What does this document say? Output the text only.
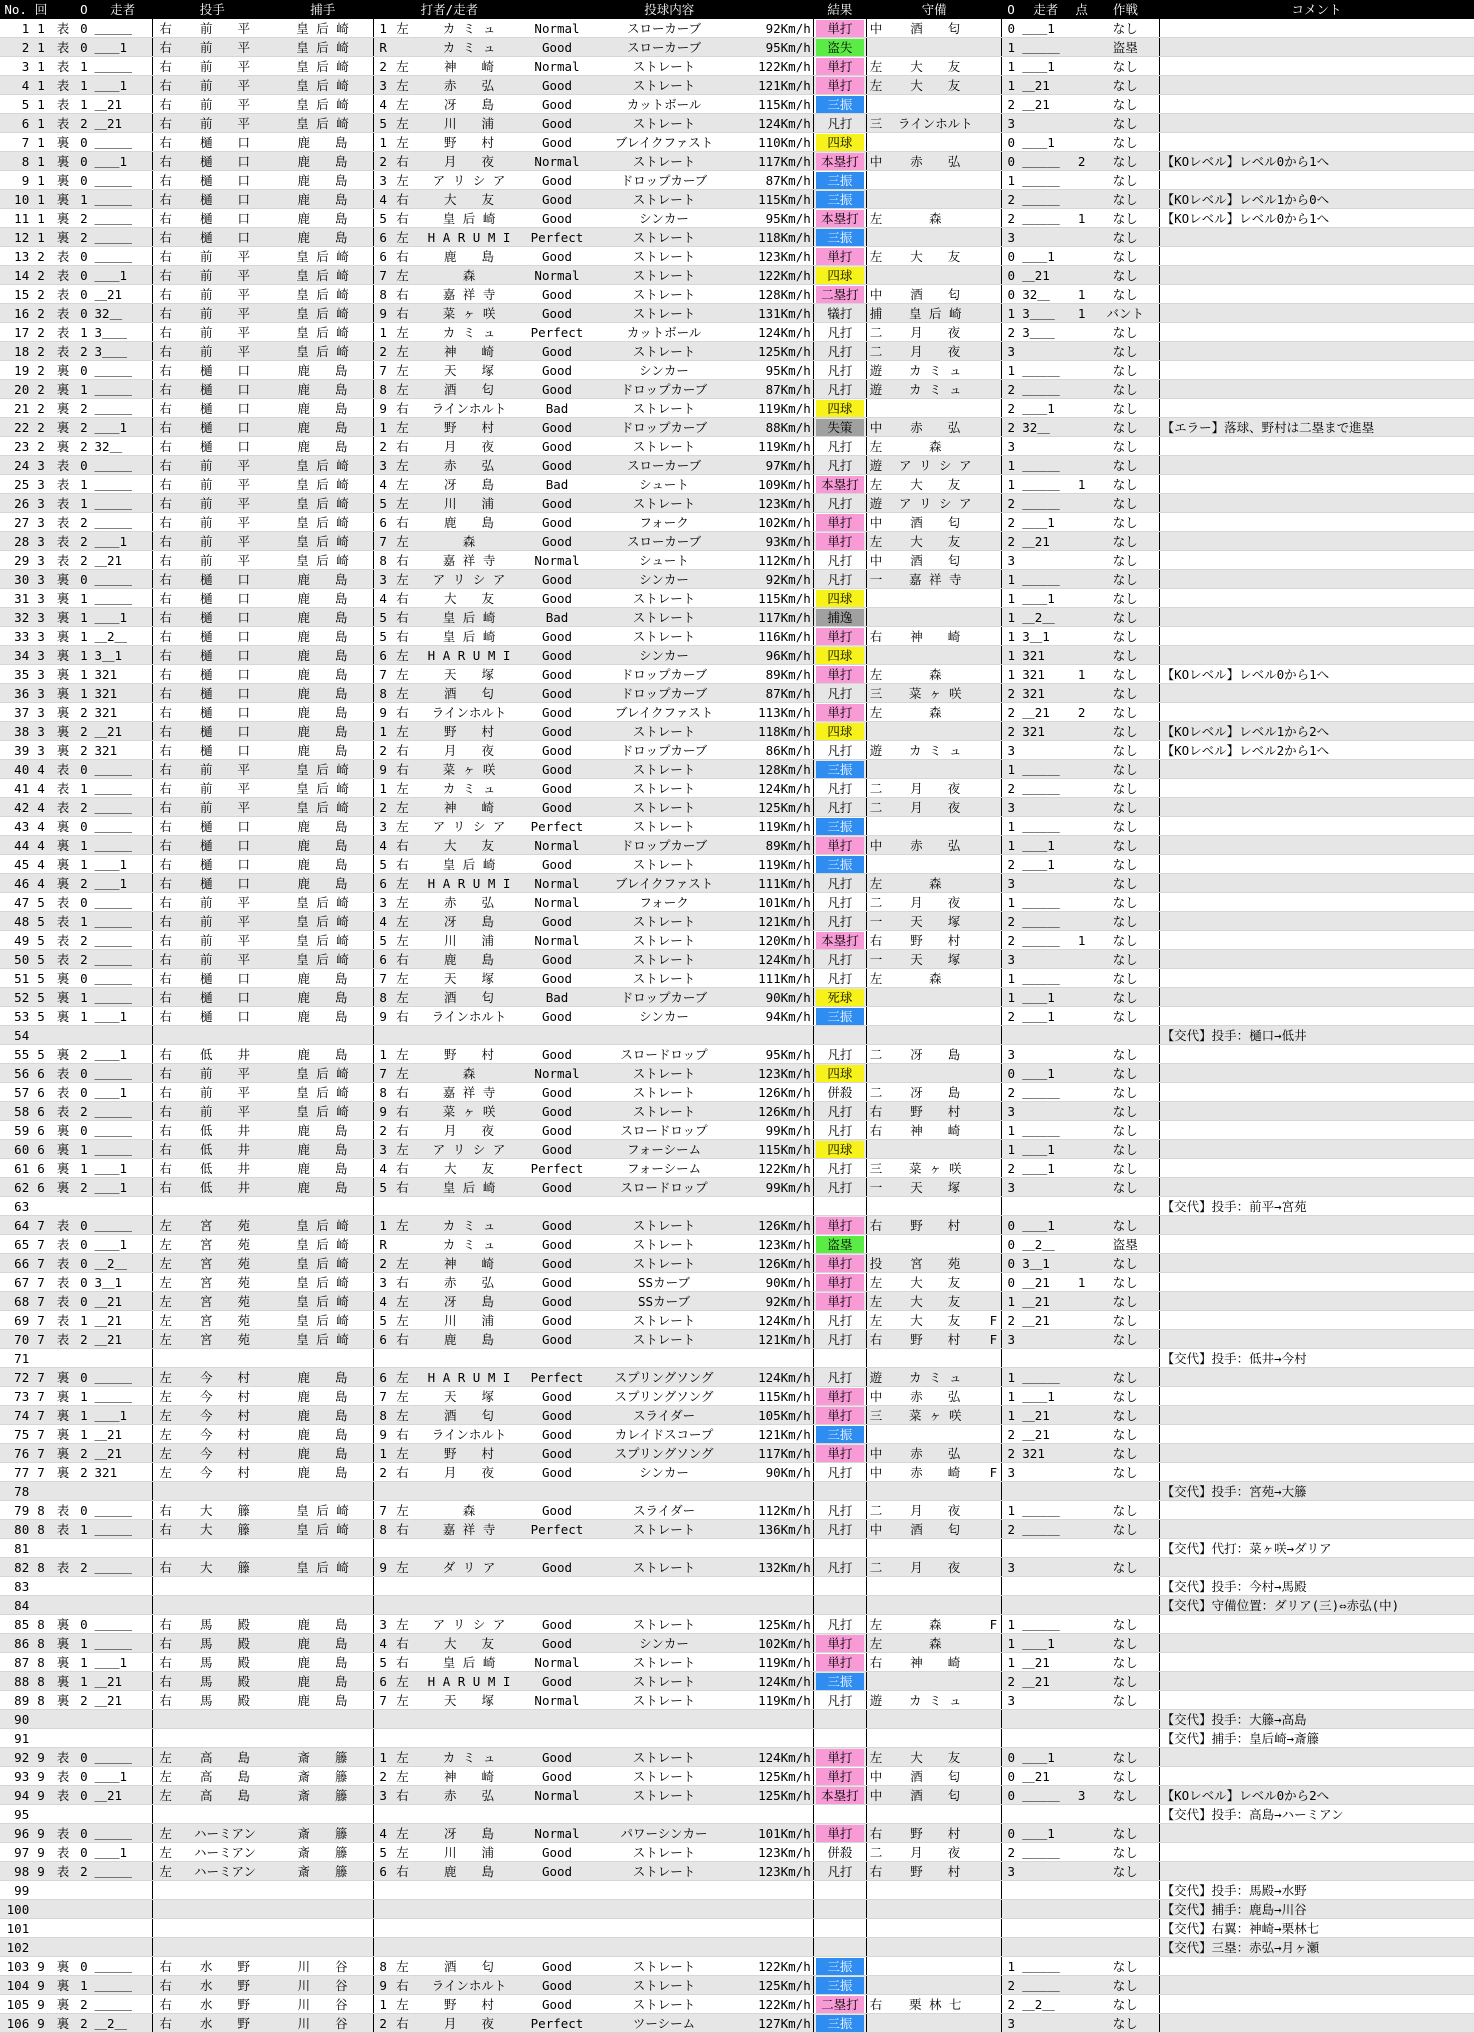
No.	回		O	走者	投手		捕手	打者/走者			投球内容			結果	守備			O	走者	点	作戦	コメント
1	1	表	0	＿＿＿	右	前　　平	皇 后 崎	1	左	カ ミ ュ	Normal	スローカーブ	92Km/h	単打	中	酒　　匂		0	＿＿1		なし	
2	1	表	0	＿＿1	右	前　　平	皇 后 崎	R		カ ミ ュ	Good	スローカーブ	95Km/h	盗失				1	＿＿＿		盗塁	
3	1	表	1	＿＿＿	右	前　　平	皇 后 崎	2	左	神　　崎	Normal	ストレート	122Km/h	単打	左	大　　友		1	＿＿1		なし	
4	1	表	1	＿＿1	右	前　　平	皇 后 崎	3	左	赤　　弘	Good	ストレート	121Km/h	単打	左	大　　友		1	＿21		なし	
5	1	表	1	＿21	右	前　　平	皇 后 崎	4	左	冴　　島	Good	カットボール	115Km/h	三振				2	＿21		なし	
6	1	表	2	＿21	右	前　　平	皇 后 崎	5	左	川　　浦	Good	ストレート	124Km/h	凡打	三	ラインホルト		3			なし	
7	1	裏	0	＿＿＿	右	樋　　口	鹿　　島	1	左	野　　村	Good	ブレイクファスト	110Km/h	四球				0	＿＿1		なし	
8	1	裏	0	＿＿1	右	樋　　口	鹿　　島	2	右	月　　夜	Normal	ストレート	117Km/h	本塁打	中	赤　　弘		0	＿＿＿	2	なし	【KOレベル】レベル0から1へ
9	1	裏	0	＿＿＿	右	樋　　口	鹿　　島	3	左	ア リ シ ア	Good	ドロップカーブ	87Km/h	三振				1	＿＿＿		なし	
10	1	裏	1	＿＿＿	右	樋　　口	鹿　　島	4	右	大　　友	Good	ストレート	115Km/h	三振				2	＿＿＿		なし	【KOレベル】レベル1から0へ
11	1	裏	2	＿＿＿	右	樋　　口	鹿　　島	5	右	皇 后 崎	Good	シンカー	95Km/h	本塁打	左	森		2	＿＿＿	1	なし	【KOレベル】レベル0から1へ
12	1	裏	2	＿＿＿	右	樋　　口	鹿　　島	6	左	H A R U M I	Perfect	ストレート	118Km/h	三振				3			なし	
13	2	表	0	＿＿＿	右	前　　平	皇 后 崎	6	右	鹿　　島	Good	ストレート	123Km/h	単打	左	大　　友		0	＿＿1		なし	
14	2	表	0	＿＿1	右	前　　平	皇 后 崎	7	左	森	Normal	ストレート	122Km/h	四球				0	＿21		なし	
15	2	表	0	＿21	右	前　　平	皇 后 崎	8	右	嘉 祥 寺	Good	ストレート	128Km/h	二塁打	中	酒　　匂		0	32＿	1	なし	
16	2	表	0	32＿	右	前　　平	皇 后 崎	9	右	菜 ヶ 咲	Good	ストレート	131Km/h	犠打	捕	皇 后 崎		1	3＿＿	1	バント	
17	2	表	1	3＿＿	右	前　　平	皇 后 崎	1	左	カ ミ ュ	Perfect	カットボール	124Km/h	凡打	二	月　　夜		2	3＿＿		なし	
18	2	表	2	3＿＿	右	前　　平	皇 后 崎	2	左	神　　崎	Good	ストレート	125Km/h	凡打	二	月　　夜		3			なし	
19	2	裏	0	＿＿＿	右	樋　　口	鹿　　島	7	左	天　　塚	Good	シンカー	95Km/h	凡打	遊	カ ミ ュ		1	＿＿＿		なし	
20	2	裏	1	＿＿＿	右	樋　　口	鹿　　島	8	左	酒　　匂	Good	ドロップカーブ	87Km/h	凡打	遊	カ ミ ュ		2	＿＿＿		なし	
21	2	裏	2	＿＿＿	右	樋　　口	鹿　　島	9	右	ラインホルト	Bad	ストレート	119Km/h	四球				2	＿＿1		なし	
22	2	裏	2	＿＿1	右	樋　　口	鹿　　島	1	左	野　　村	Good	ドロップカーブ	88Km/h	失策	中	赤　　弘		2	32＿		なし	【エラー】落球、野村は二塁まで進塁
23	2	裏	2	32＿	右	樋　　口	鹿　　島	2	右	月　　夜	Good	ストレート	119Km/h	凡打	左	森		3			なし	
24	3	表	0	＿＿＿	右	前　　平	皇 后 崎	3	左	赤　　弘	Good	スローカーブ	97Km/h	凡打	遊	ア リ シ ア		1	＿＿＿		なし	
25	3	表	1	＿＿＿	右	前　　平	皇 后 崎	4	左	冴　　島	Bad	シュート	109Km/h	本塁打	左	大　　友		1	＿＿＿	1	なし	
26	3	表	1	＿＿＿	右	前　　平	皇 后 崎	5	左	川　　浦	Good	ストレート	123Km/h	凡打	遊	ア リ シ ア		2	＿＿＿		なし	
27	3	表	2	＿＿＿	右	前　　平	皇 后 崎	6	右	鹿　　島	Good	フォーク	102Km/h	単打	中	酒　　匂		2	＿＿1		なし	
28	3	表	2	＿＿1	右	前　　平	皇 后 崎	7	左	森	Good	スローカーブ	93Km/h	単打	左	大　　友		2	＿21		なし	
29	3	表	2	＿21	右	前　　平	皇 后 崎	8	右	嘉 祥 寺	Normal	シュート	112Km/h	凡打	中	酒　　匂		3			なし	
30	3	裏	0	＿＿＿	右	樋　　口	鹿　　島	3	左	ア リ シ ア	Good	シンカー	92Km/h	凡打	一	嘉 祥 寺		1	＿＿＿		なし	
31	3	裏	1	＿＿＿	右	樋　　口	鹿　　島	4	右	大　　友	Good	ストレート	115Km/h	四球				1	＿＿1		なし	
32	3	裏	1	＿＿1	右	樋　　口	鹿　　島	5	右	皇 后 崎	Bad	ストレート	117Km/h	捕逸				1	＿2＿		なし	
33	3	裏	1	＿2＿	右	樋　　口	鹿　　島	5	右	皇 后 崎	Good	ストレート	116Km/h	単打	右	神　　崎		1	3＿1		なし	
34	3	裏	1	3＿1	右	樋　　口	鹿　　島	6	左	H A R U M I	Good	シンカー	96Km/h	四球				1	321		なし	
35	3	裏	1	321	右	樋　　口	鹿　　島	7	左	天　　塚	Good	ドロップカーブ	89Km/h	単打	左	森		1	321	1	なし	【KOレベル】レベル0から1へ
36	3	裏	1	321	右	樋　　口	鹿　　島	8	左	酒　　匂	Good	ドロップカーブ	87Km/h	凡打	三	菜 ヶ 咲		2	321		なし	
37	3	裏	2	321	右	樋　　口	鹿　　島	9	右	ラインホルト	Good	ブレイクファスト	113Km/h	単打	左	森		2	＿21	2	なし	
38	3	裏	2	＿21	右	樋　　口	鹿　　島	1	左	野　　村	Good	ストレート	118Km/h	四球				2	321		なし	【KOレベル】レベル1から2へ
39	3	裏	2	321	右	樋　　口	鹿　　島	2	右	月　　夜	Good	ドロップカーブ	86Km/h	凡打	遊	カ ミ ュ		3			なし	【KOレベル】レベル2から1へ
40	4	表	0	＿＿＿	右	前　　平	皇 后 崎	9	右	菜 ヶ 咲	Good	ストレート	128Km/h	三振				1	＿＿＿		なし	
41	4	表	1	＿＿＿	右	前　　平	皇 后 崎	1	左	カ ミ ュ	Good	ストレート	124Km/h	凡打	二	月　　夜		2	＿＿＿		なし	
42	4	表	2	＿＿＿	右	前　　平	皇 后 崎	2	左	神　　崎	Good	ストレート	125Km/h	凡打	二	月　　夜		3			なし	
43	4	裏	0	＿＿＿	右	樋　　口	鹿　　島	3	左	ア リ シ ア	Perfect	ストレート	119Km/h	三振				1	＿＿＿		なし	
44	4	裏	1	＿＿＿	右	樋　　口	鹿　　島	4	右	大　　友	Normal	ドロップカーブ	89Km/h	単打	中	赤　　弘		1	＿＿1		なし	
45	4	裏	1	＿＿1	右	樋　　口	鹿　　島	5	右	皇 后 崎	Good	ストレート	119Km/h	三振				2	＿＿1		なし	
46	4	裏	2	＿＿1	右	樋　　口	鹿　　島	6	左	H A R U M I	Normal	ブレイクファスト	111Km/h	凡打	左	森		3			なし	
47	5	表	0	＿＿＿	右	前　　平	皇 后 崎	3	左	赤　　弘	Normal	フォーク	101Km/h	凡打	二	月　　夜		1	＿＿＿		なし	
48	5	表	1	＿＿＿	右	前　　平	皇 后 崎	4	左	冴　　島	Good	ストレート	121Km/h	凡打	一	天　　塚		2	＿＿＿		なし	
49	5	表	2	＿＿＿	右	前　　平	皇 后 崎	5	左	川　　浦	Normal	ストレート	120Km/h	本塁打	右	野　　村		2	＿＿＿	1	なし	
50	5	表	2	＿＿＿	右	前　　平	皇 后 崎	6	右	鹿　　島	Good	ストレート	124Km/h	凡打	一	天　　塚		3			なし	
51	5	裏	0	＿＿＿	右	樋　　口	鹿　　島	7	左	天　　塚	Good	ストレート	111Km/h	凡打	左	森		1	＿＿＿		なし	
52	5	裏	1	＿＿＿	右	樋　　口	鹿　　島	8	左	酒　　匂	Bad	ドロップカーブ	90Km/h	死球				1	＿＿1		なし	
53	5	裏	1	＿＿1	右	樋　　口	鹿　　島	9	右	ラインホルト	Good	シンカー	94Km/h	三振				2	＿＿1		なし	
54																						【交代】投手：樋口→低井
55	5	裏	2	＿＿1	右	低　　井	鹿　　島	1	左	野　　村	Good	スロードロップ	95Km/h	凡打	二	冴　　島		3			なし	
56	6	表	0	＿＿＿	右	前　　平	皇 后 崎	7	左	森	Normal	ストレート	123Km/h	四球				0	＿＿1		なし	
57	6	表	0	＿＿1	右	前　　平	皇 后 崎	8	右	嘉 祥 寺	Good	ストレート	126Km/h	併殺	二	冴　　島		2	＿＿＿		なし	
58	6	表	2	＿＿＿	右	前　　平	皇 后 崎	9	右	菜 ヶ 咲	Good	ストレート	126Km/h	凡打	右	野　　村		3			なし	
59	6	裏	0	＿＿＿	右	低　　井	鹿　　島	2	右	月　　夜	Good	スロードロップ	99Km/h	凡打	右	神　　崎		1	＿＿＿		なし	
60	6	裏	1	＿＿＿	右	低　　井	鹿　　島	3	左	ア リ シ ア	Good	フォーシーム	115Km/h	四球				1	＿＿1		なし	
61	6	裏	1	＿＿1	右	低　　井	鹿　　島	4	右	大　　友	Perfect	フォーシーム	122Km/h	凡打	三	菜 ヶ 咲		2	＿＿1		なし	
62	6	裏	2	＿＿1	右	低　　井	鹿　　島	5	右	皇 后 崎	Good	スロードロップ	99Km/h	凡打	一	天　　塚		3			なし	
63																						【交代】投手：前平→宮苑
64	7	表	0	＿＿＿	左	宮　　苑	皇 后 崎	1	左	カ ミ ュ	Good	ストレート	126Km/h	単打	右	野　　村		0	＿＿1		なし	
65	7	表	0	＿＿1	左	宮　　苑	皇 后 崎	R		カ ミ ュ	Good	ストレート	123Km/h	盗塁				0	＿2＿		盗塁	
66	7	表	0	＿2＿	左	宮　　苑	皇 后 崎	2	左	神　　崎	Good	ストレート	126Km/h	単打	投	宮　　苑		0	3＿1		なし	
67	7	表	0	3＿1	左	宮　　苑	皇 后 崎	3	右	赤　　弘	Good	SSカーブ	90Km/h	単打	左	大　　友		0	＿21	1	なし	
68	7	表	0	＿21	左	宮　　苑	皇 后 崎	4	左	冴　　島	Good	SSカーブ	92Km/h	単打	左	大　　友		1	＿21		なし	
69	7	表	1	＿21	左	宮　　苑	皇 后 崎	5	左	川　　浦	Good	ストレート	124Km/h	凡打	左	大　　友	F	2	＿21		なし	
70	7	表	2	＿21	左	宮　　苑	皇 后 崎	6	右	鹿　　島	Good	ストレート	121Km/h	凡打	右	野　　村	F	3			なし	
71																						【交代】投手：低井→今村
72	7	裏	0	＿＿＿	左	今　　村	鹿　　島	6	左	H A R U M I	Perfect	スプリングソング	124Km/h	凡打	遊	カ ミ ュ		1	＿＿＿		なし	
73	7	裏	1	＿＿＿	左	今　　村	鹿　　島	7	左	天　　塚	Good	スプリングソング	115Km/h	単打	中	赤　　弘		1	＿＿1		なし	
74	7	裏	1	＿＿1	左	今　　村	鹿　　島	8	左	酒　　匂	Good	スライダー	105Km/h	単打	三	菜 ヶ 咲		1	＿21		なし	
75	7	裏	1	＿21	左	今　　村	鹿　　島	9	右	ラインホルト	Good	カレイドスコープ	121Km/h	三振				2	＿21		なし	
76	7	裏	2	＿21	左	今　　村	鹿　　島	1	左	野　　村	Good	スプリングソング	117Km/h	単打	中	赤　　弘		2	321		なし	
77	7	裏	2	321	左	今　　村	鹿　　島	2	右	月　　夜	Good	シンカー	90Km/h	凡打	中	赤　　崎	F	3			なし	
78																						【交代】投手：宮苑→大籐
79	8	表	0	＿＿＿	右	大　　籐	皇 后 崎	7	左	森	Good	スライダー	112Km/h	凡打	二	月　　夜		1	＿＿＿		なし	
80	8	表	1	＿＿＿	右	大　　籐	皇 后 崎	8	右	嘉 祥 寺	Perfect	ストレート	136Km/h	凡打	中	酒　　匂		2	＿＿＿		なし	
81																						【交代】代打：菜ヶ咲→ダリア
82	8	表	2	＿＿＿	右	大　　籐	皇 后 崎	9	左	ダ リ ア	Good	ストレート	132Km/h	凡打	二	月　　夜		3			なし	
83																						【交代】投手：今村→馬殿
84																						【交代】守備位置：ダリア(三)⇔赤弘(中)
85	8	裏	0	＿＿＿	右	馬　　殿	鹿　　島	3	左	ア リ シ ア	Good	ストレート	125Km/h	凡打	左	森	F	1	＿＿＿		なし	
86	8	裏	1	＿＿＿	右	馬　　殿	鹿　　島	4	右	大　　友	Good	シンカー	102Km/h	単打	左	森		1	＿＿1		なし	
87	8	裏	1	＿＿1	右	馬　　殿	鹿　　島	5	右	皇 后 崎	Normal	ストレート	119Km/h	単打	右	神　　崎		1	＿21		なし	
88	8	裏	1	＿21	右	馬　　殿	鹿　　島	6	左	H A R U M I	Good	ストレート	124Km/h	三振				2	＿21		なし	
89	8	裏	2	＿21	右	馬　　殿	鹿　　島	7	左	天　　塚	Normal	ストレート	119Km/h	凡打	遊	カ ミ ュ		3			なし	
90																						【交代】投手：大籐→高島
91																						【交代】捕手：皇后崎→斎籐
92	9	表	0	＿＿＿	左	高　　島	斎　　籐	1	左	カ ミ ュ	Good	ストレート	124Km/h	単打	左	大　　友		0	＿＿1		なし	
93	9	表	0	＿＿1	左	高　　島	斎　　籐	2	左	神　　崎	Good	ストレート	125Km/h	単打	中	酒　　匂		0	＿21		なし	
94	9	表	0	＿21	左	高　　島	斎　　籐	3	右	赤　　弘	Normal	ストレート	125Km/h	本塁打	中	酒　　匂		0	＿＿＿	3	なし	【KOレベル】レベル0から2へ
95																						【交代】投手：高島→ハーミアン
96	9	表	0	＿＿＿	左	ハーミアン	斎　　籐	4	左	冴　　島	Normal	パワーシンカー	101Km/h	単打	右	野　　村		0	＿＿1		なし	
97	9	表	0	＿＿1	左	ハーミアン	斎　　籐	5	左	川　　浦	Good	ストレート	123Km/h	併殺	二	月　　夜		2	＿＿＿		なし	
98	9	表	2	＿＿＿	左	ハーミアン	斎　　籐	6	右	鹿　　島	Good	ストレート	123Km/h	凡打	右	野　　村		3			なし	
99																						【交代】投手：馬殿→水野
100																						【交代】捕手：鹿島→川谷
101																						【交代】右翼：神崎→栗林七
102																						【交代】三塁：赤弘→月ヶ瀬
103	9	裏	0	＿＿＿	右	水　　野	川　　谷	8	左	酒　　匂	Good	ストレート	122Km/h	三振				1	＿＿＿		なし	
104	9	裏	1	＿＿＿	右	水　　野	川　　谷	9	右	ラインホルト	Good	ストレート	125Km/h	三振				2	＿＿＿		なし	
105	9	裏	2	＿＿＿	右	水　　野	川　　谷	1	左	野　　村	Good	ストレート	122Km/h	二塁打	右	栗 林 七		2	＿2＿		なし	
106	9	裏	2	＿2＿	右	水　　野	川　　谷	2	右	月　　夜	Perfect	ツーシーム	127Km/h	三振				3			なし	
